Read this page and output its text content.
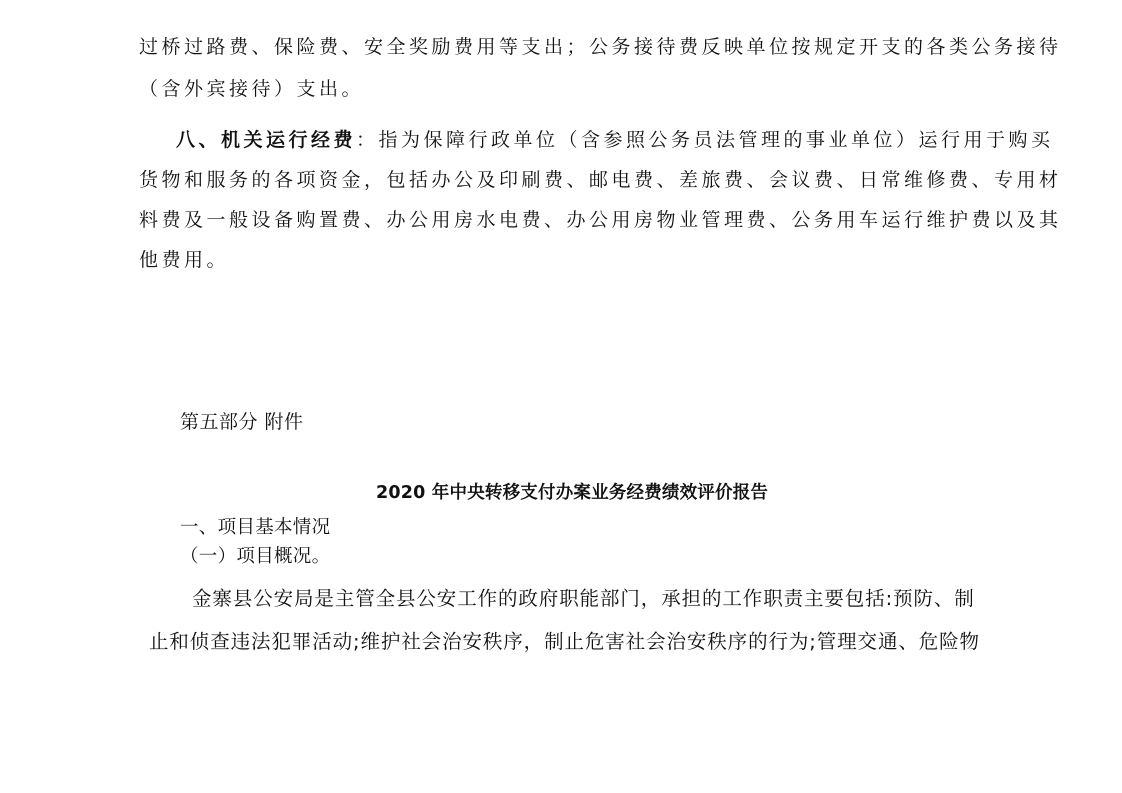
过桥过路费、保险费、安全奖励费用等支出；公务接待费反映单位按规定开支的各类公务接待

（含外宾接待）支出。

八、机关运行经费：指为保障行政单位（含参照公务员法管理的事业单位）运行用于购买

货物和服务的各项资金，包括办公及印刷费、邮电费、差旅费、会议费、日常维修费、专用材

料费及一般设备购置费、办公用房水电费、办公用房物业管理费、公务用车运行维护费以及其

他费用。

第五部分 附件

2020 年中央转移支付办案业务经费绩效评价报告

一、项目基本情况

（一）项目概况。

金寨县公安局是主管全县公安工作的政府职能部门，承担的工作职责主要包括:预防、制

止和侦查违法犯罪活动;维护社会治安秩序，制止危害社会治安秩序的行为;管理交通、危险物
